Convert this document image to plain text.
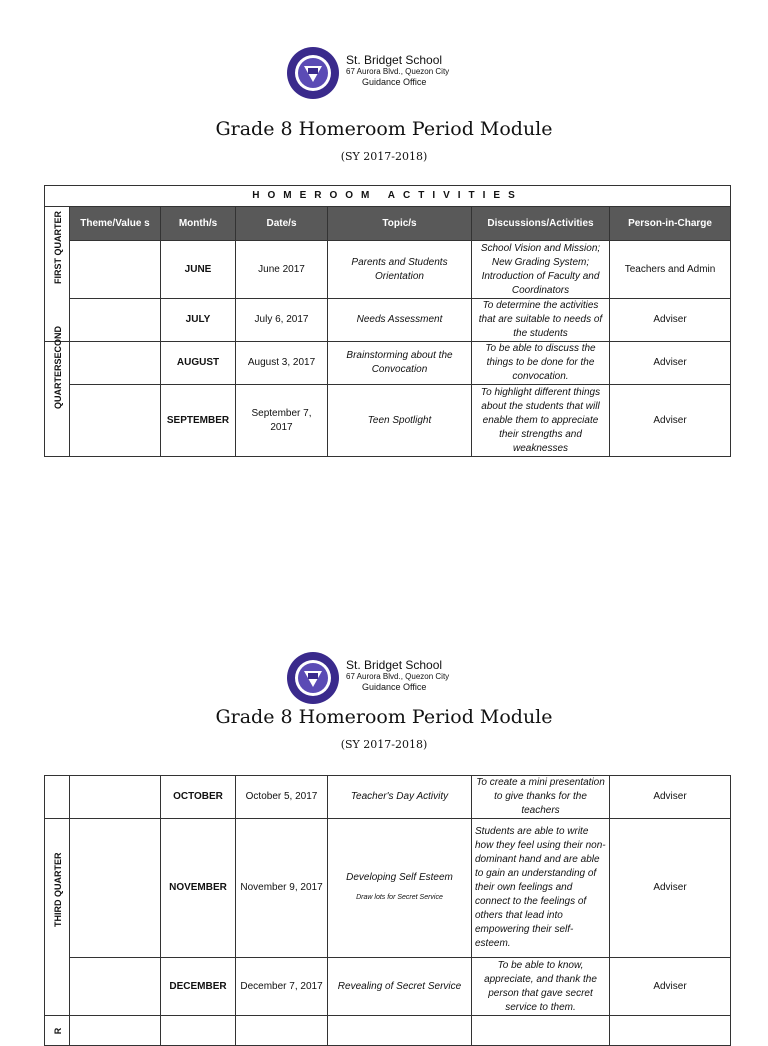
St. Bridget School
67 Aurora Blvd., Quezon City
Guidance Office
Grade 8 Homeroom Period Module
(SY 2017-2018)
HOMEROOM ACTIVITIES						

FIRST QUARTER	Theme/Value s	Month/s	Date/s	Topic/s	Discussions/Activities	Person-in-Charge
		JUNE	June 2017	Parents and Students Orientation	School Vision and Mission; New Grading System; Introduction of Faculty and Coordinators	Teachers and Admin
		JULY	July 6, 2017	Needs Assessment	To determine the activities that are suitable to needs of the students	Adviser

QUARTERSECOND		AUGUST	August 3, 2017	Brainstorming about the Convocation	To be able to discuss the things to be done for the convocation.	Adviser
		SEPTEMBER	September 7, 2017	Teen Spotlight	To highlight different things about the students that will enable them to appreciate their strengths and weaknesses	Adviser
St. Bridget School
67 Aurora Blvd., Quezon City
Guidance Office
Grade 8 Homeroom Period Module
(SY 2017-2018)
		OCTOBER	October 5, 2017	Teacher's Day Activity	To create a mini presentation to give thanks for the teachers	Adviser

THIRD QUARTER		NOVEMBER	November 9, 2017	Developing Self Esteem
Draw lots for Secret Service	Students are able to write how they feel using their non-dominant hand and are able to gain an understanding of their own feelings and connect to the feelings of others that lead into empowering their self-esteem.	Adviser
		DECEMBER	December 7, 2017	Revealing of Secret Service	To be able to know, appreciate, and thank the person that gave secret service to them.	Adviser

R						
